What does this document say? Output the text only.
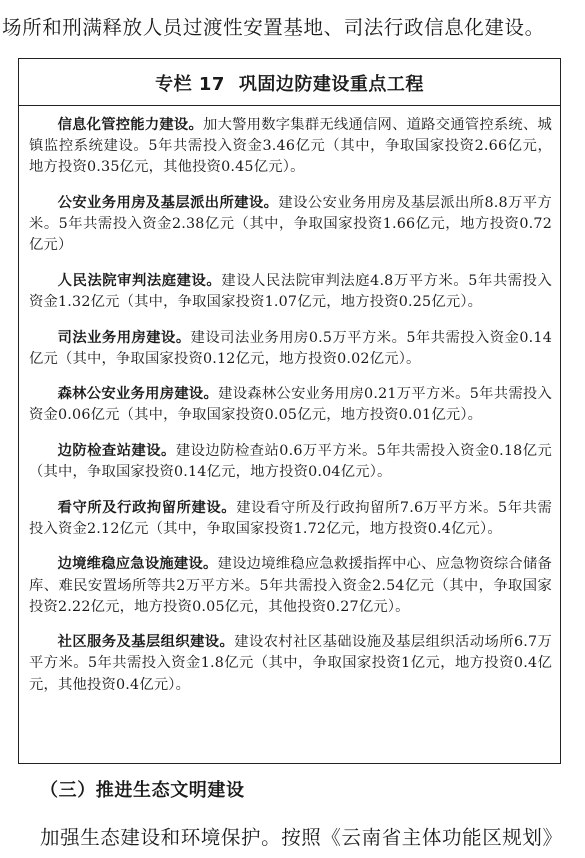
场所和刑满释放人员过渡性安置基地、司法行政信息化建设。
专栏 17 巩固边防建设重点工程

信息化管控能力建设。加大警用数字集群无线通信网、道路交通管控系统、城镇监控系统建设。5年共需投入资金3.46亿元（其中，争取国家投资2.66亿元，地方投资0.35亿元，其他投资0.45亿元）。

公安业务用房及基层派出所建设。建设公安业务用房及基层派出所8.8万平方米。5年共需投入资金2.38亿元（其中，争取国家投资1.66亿元，地方投资0.72亿元）

人民法院审判法庭建设。建设人民法院审判法庭4.8万平方米。5年共需投入资金1.32亿元（其中，争取国家投资1.07亿元，地方投资0.25亿元）。

司法业务用房建设。建设司法业务用房0.5万平方米。5年共需投入资金0.14亿元（其中，争取国家投资0.12亿元，地方投资0.02亿元）。

森林公安业务用房建设。建设森林公安业务用房0.21万平方米。5年共需投入资金0.06亿元（其中，争取国家投资0.05亿元，地方投资0.01亿元）。

边防检查站建设。建设边防检查站0.6万平方米。5年共需投入资金0.18亿元（其中，争取国家投资0.14亿元，地方投资0.04亿元）。

看守所及行政拘留所建设。建设看守所及行政拘留所7.6万平方米。5年共需投入资金2.12亿元（其中，争取国家投资1.72亿元，地方投资0.4亿元）。

边境维稳应急设施建设。建设边境维稳应急救援指挥中心、应急物资综合储备库、难民安置场所等共2万平方米。5年共需投入资金2.54亿元（其中，争取国家投资2.22亿元，地方投资0.05亿元，其他投资0.27亿元）。

社区服务及基层组织建设。建设农村社区基础设施及基层组织活动场所6.7万平方米。5年共需投入资金1.8亿元（其中，争取国家投资1亿元，地方投资0.4亿元，其他投资0.4亿元）。

（三）推进生态文明建设
加强生态建设和环境保护。按照《云南省主体功能区规划》
